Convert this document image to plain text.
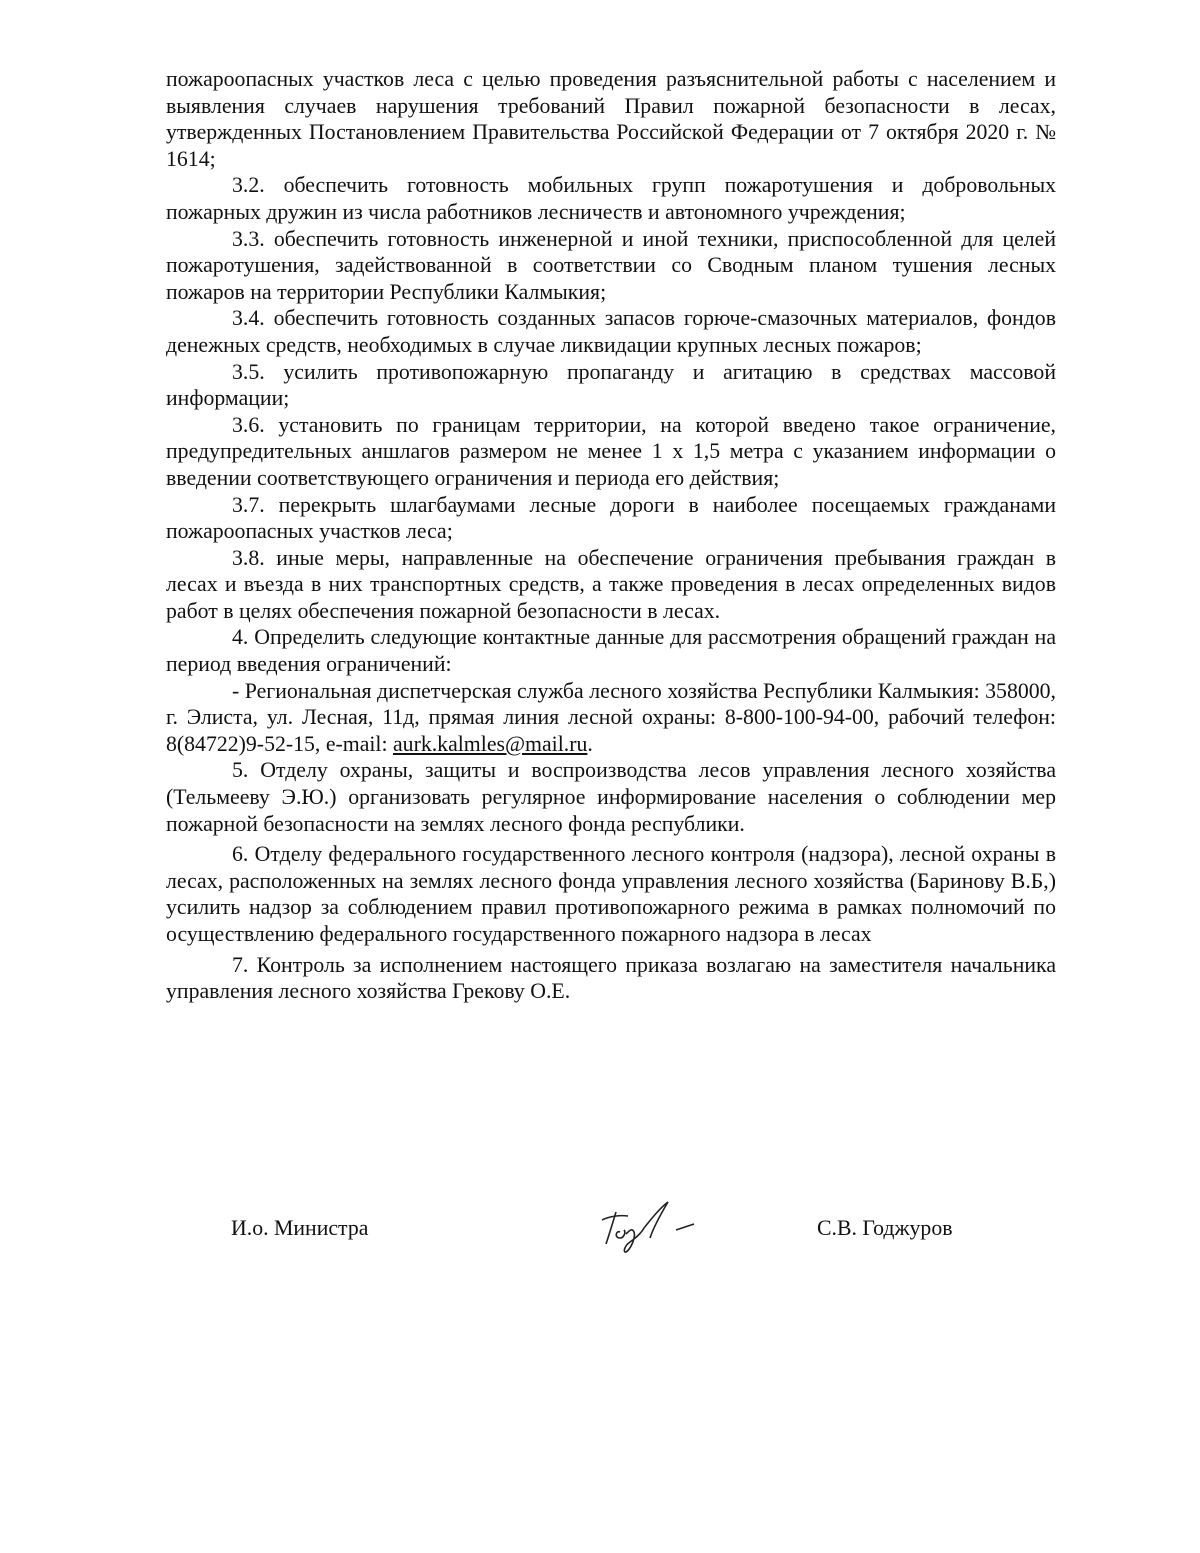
пожароопасных участков леса с целью проведения разъяснительной работы с населением и выявления случаев нарушения требований Правил пожарной безопасности в лесах, утвержденных Постановлением Правительства Российской Федерации от 7 октября 2020 г. № 1614;

3.2. обеспечить готовность мобильных групп пожаротушения и добровольных пожарных дружин из числа работников лесничеств и автономного учреждения;

3.3. обеспечить готовность инженерной и иной техники, приспособленной для целей пожаротушения, задействованной в соответствии со Сводным планом тушения лесных пожаров на территории Республики Калмыкия;

3.4. обеспечить готовность созданных запасов горюче-смазочных материалов, фондов денежных средств, необходимых в случае ликвидации крупных лесных пожаров;

3.5. усилить противопожарную пропаганду и агитацию в средствах массовой информации;

3.6. установить по границам территории, на которой введено такое ограничение, предупредительных аншлагов размером не менее 1 х 1,5 метра с указанием информации о введении соответствующего ограничения и периода его действия;

3.7. перекрыть шлагбаумами лесные дороги в наиболее посещаемых гражданами пожароопасных участков леса;

3.8. иные меры, направленные на обеспечение ограничения пребывания граждан в лесах и въезда в них транспортных средств, а также проведения в лесах определенных видов работ в целях обеспечения пожарной безопасности в лесах.

4. Определить следующие контактные данные для рассмотрения обращений граждан на период введения ограничений:

- Региональная диспетчерская служба лесного хозяйства Республики Калмыкия: 358000, г. Элиста, ул. Лесная, 11д, прямая линия лесной охраны: 8-800-100-94-00, рабочий телефон: 8(84722)9-52-15, e-mail: aurk.kalmles@mail.ru.

5. Отделу охраны, защиты и воспроизводства лесов управления лесного хозяйства (Тельмееву Э.Ю.) организовать регулярное информирование населения о соблюдении мер пожарной безопасности на землях лесного фонда республики.

6. Отделу федерального государственного лесного контроля (надзора), лесной охраны в лесах, расположенных на землях лесного фонда управления лесного хозяйства (Баринову В.Б,) усилить надзор за соблюдением правил противопожарного режима в рамках полномочий по осуществлению федерального государственного пожарного надзора в лесах

7. Контроль за исполнением настоящего приказа возлагаю на заместителя начальника управления лесного хозяйства Грекову О.Е.

И.о. Министра	С.В. Годжуров
